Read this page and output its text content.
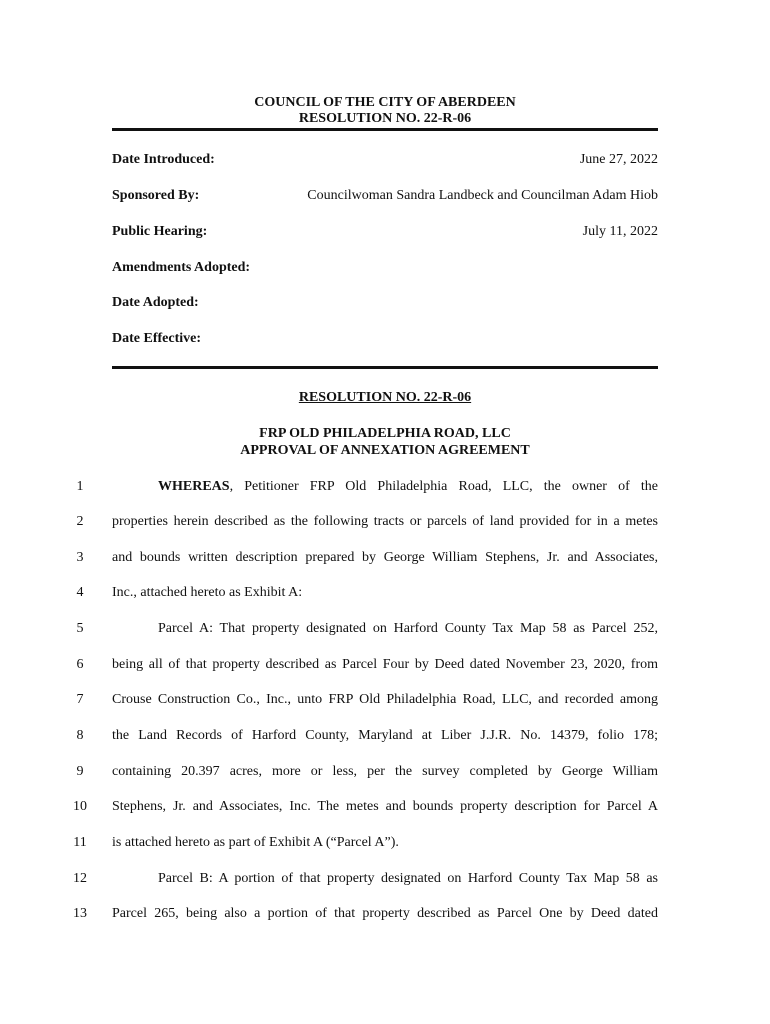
COUNCIL OF THE CITY OF ABERDEEN
RESOLUTION NO. 22-R-06
Date Introduced:	June 27, 2022
Sponsored By:	Councilwoman Sandra Landbeck and Councilman Adam Hiob
Public Hearing:	July 11, 2022
Amendments Adopted:
Date Adopted:
Date Effective:
RESOLUTION NO. 22-R-06
FRP OLD PHILADELPHIA ROAD, LLC
APPROVAL OF ANNEXATION AGREEMENT
1	WHEREAS, Petitioner FRP Old Philadelphia Road, LLC, the owner of the
2	properties herein described as the following tracts or parcels of land provided for in a metes
3	and bounds written description prepared by George William Stephens, Jr. and Associates,
4	Inc., attached hereto as Exhibit A:
5	Parcel A: That property designated on Harford County Tax Map 58 as Parcel 252,
6	being all of that property described as Parcel Four by Deed dated November 23, 2020, from
7	Crouse Construction Co., Inc., unto FRP Old Philadelphia Road, LLC, and recorded among
8	the Land Records of Harford County, Maryland at Liber J.J.R. No. 14379, folio 178;
9	containing 20.397 acres, more or less, per the survey completed by George William
10	Stephens, Jr. and Associates, Inc. The metes and bounds property description for Parcel A
11	is attached hereto as part of Exhibit A (“Parcel A”).
12	Parcel B: A portion of that property designated on Harford County Tax Map 58 as
13	Parcel 265, being also a portion of that property described as Parcel One by Deed dated
